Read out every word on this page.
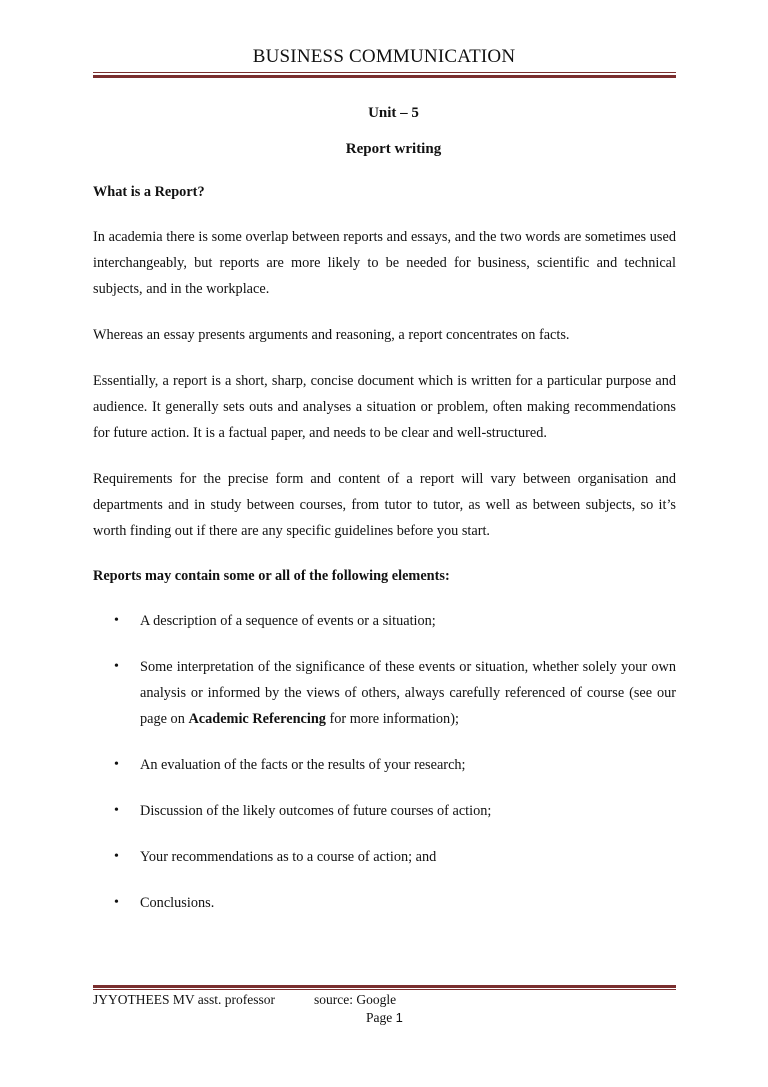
BUSINESS COMMUNICATION
Unit – 5
Report writing
What is a Report?

In academia there is some overlap between reports and essays, and the two words are sometimes used interchangeably, but reports are more likely to be needed for business, scientific and technical subjects, and in the workplace.

Whereas an essay presents arguments and reasoning, a report concentrates on facts.

Essentially, a report is a short, sharp, concise document which is written for a particular purpose and audience. It generally sets outs and analyses a situation or problem, often making recommendations for future action. It is a factual paper, and needs to be clear and well-structured.

Requirements for the precise form and content of a report will vary between organisation and departments and in study between courses, from tutor to tutor, as well as between subjects, so it’s worth finding out if there are any specific guidelines before you start.

Reports may contain some or all of the following elements:
• A description of a sequence of events or a situation;
• Some interpretation of the significance of these events or situation, whether solely your own analysis or informed by the views of others, always carefully referenced of course (see our page on Academic Referencing for more information);
• An evaluation of the facts or the results of your research;
• Discussion of the likely outcomes of future courses of action;
• Your recommendations as to a course of action; and
• Conclusions.
JYYOTHEES MV asst. professor	source: Google
Page 1
